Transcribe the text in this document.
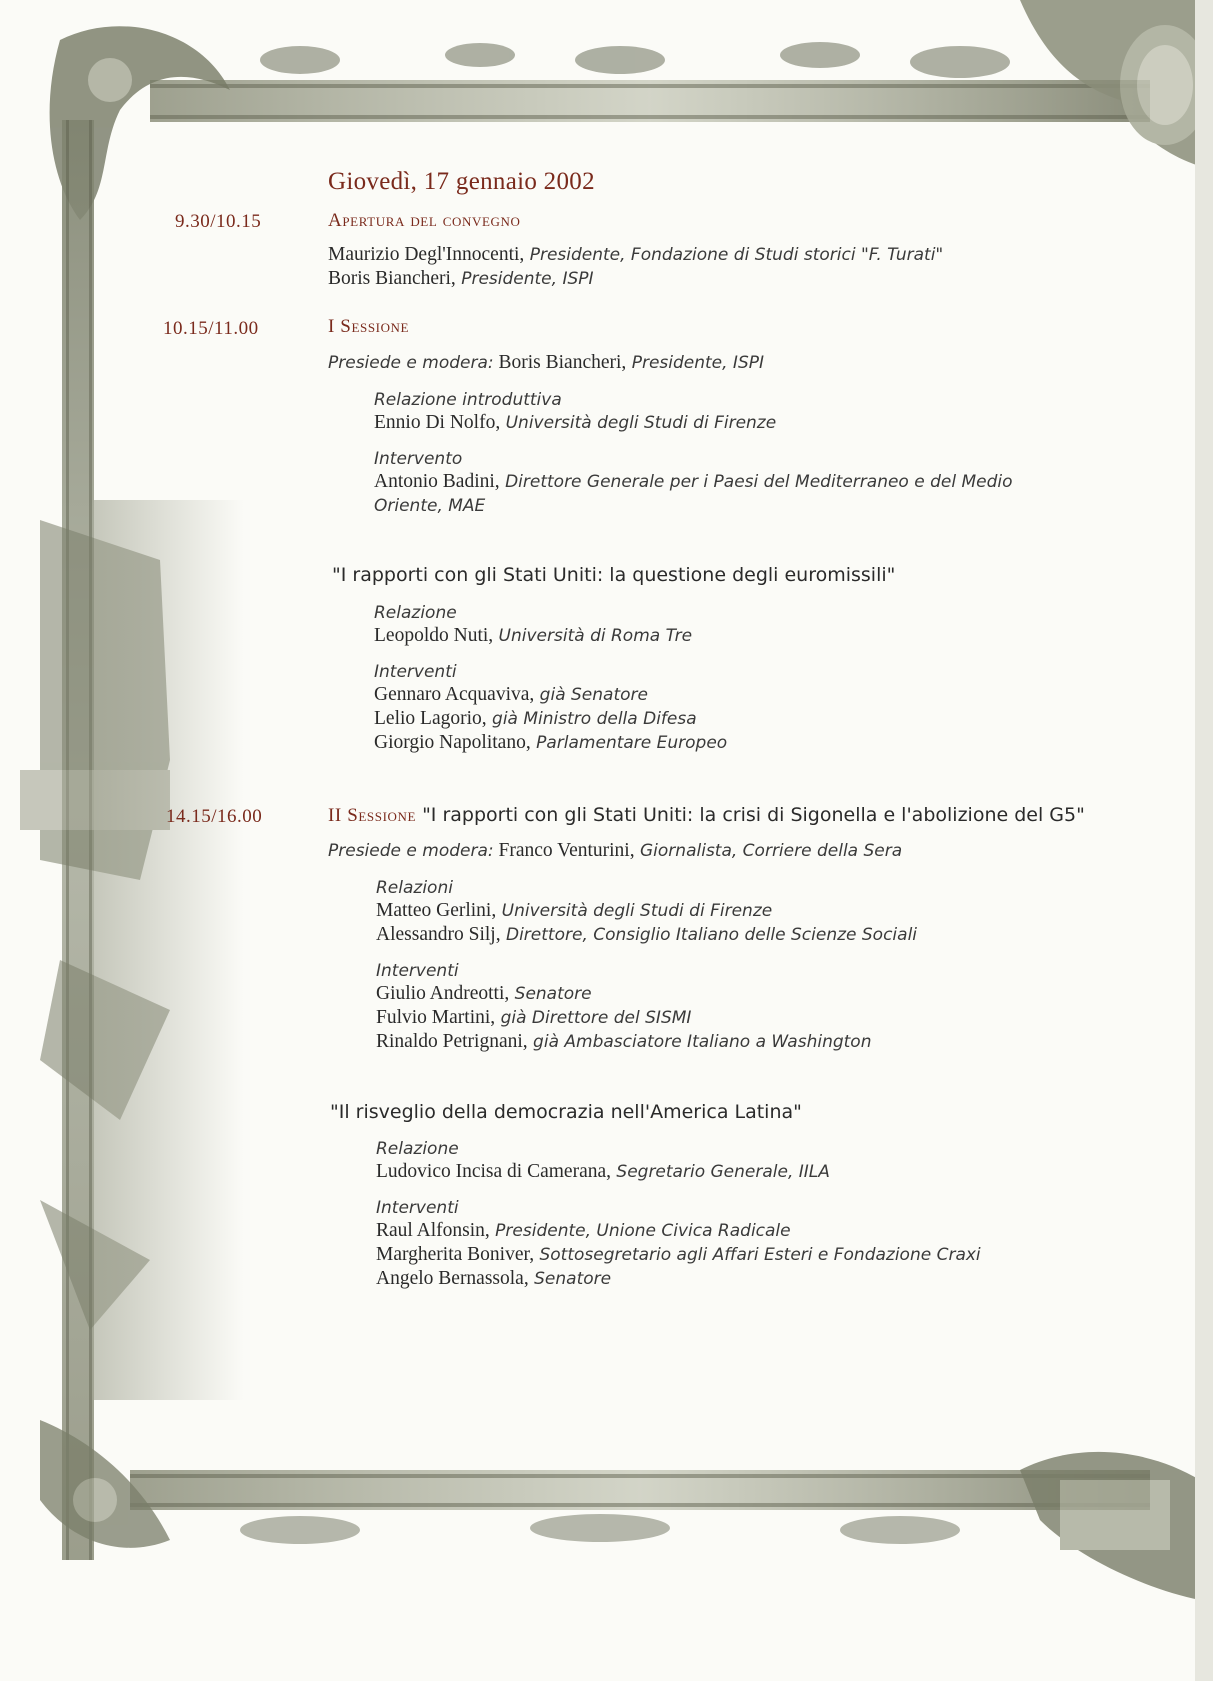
Giovedì, 17 gennaio 2002
9.30/10.15	Apertura del convegno
Maurizio Degl'Innocenti, Presidente, Fondazione di Studi storici "F. Turati"
Boris Biancheri, Presidente, ISPI
10.15/11.00	I Sessione
Presiede e modera: Boris Biancheri, Presidente, ISPI
Relazione introduttiva
Ennio Di Nolfo, Università degli Studi di Firenze
Intervento
Antonio Badini, Direttore Generale per i Paesi del Mediterraneo e del Medio
Oriente, MAE
"I rapporti con gli Stati Uniti: la questione degli euromissili"
Relazione
Leopoldo Nuti, Università di Roma Tre
Interventi
Gennaro Acquaviva, già Senatore
Lelio Lagorio, già Ministro della Difesa
Giorgio Napolitano, Parlamentare Europeo
14.15/16.00	II Sessione "I rapporti con gli Stati Uniti: la crisi di Sigonella e l'abolizione del G5"
Presiede e modera: Franco Venturini, Giornalista, Corriere della Sera
Relazioni
Matteo Gerlini, Università degli Studi di Firenze
Alessandro Silj, Direttore, Consiglio Italiano delle Scienze Sociali
Interventi
Giulio Andreotti, Senatore
Fulvio Martini, già Direttore del SISMI
Rinaldo Petrignani, già Ambasciatore Italiano a Washington
"Il risveglio della democrazia nell'America Latina"
Relazione
Ludovico Incisa di Camerana, Segretario Generale, IILA
Interventi
Raul Alfonsin, Presidente, Unione Civica Radicale
Margherita Boniver, Sottosegretario agli Affari Esteri e Fondazione Craxi
Angelo Bernassola, Senatore
